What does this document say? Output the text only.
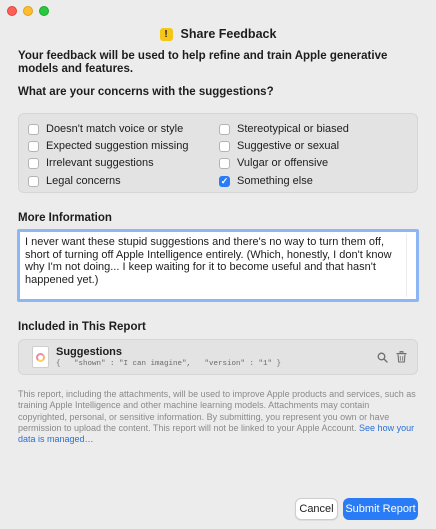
!	Share Feedback
Your feedback will be used to help refine and train Apple generative models and features.
What are your concerns with the suggestions?
Doesn't match voice or style
Expected suggestion missing
Irrelevant suggestions
Legal concerns
Stereotypical or biased
Suggestive or sexual
Vulgar or offensive
✓
Something else
More Information
I never want these stupid suggestions and there's no way to turn them off, short of turning off Apple Intelligence entirely. (Which, honestly, I don't know why I'm not doing... I keep waiting for it to become useful and that hasn't happened yet.)
Included in This Report
Suggestions
{   "shown" : "I can imagine",   "version" : "1" }
This report, including the attachments, will be used to improve Apple products and services, such as training Apple Intelligence and other machine learning models. Attachments may contain copyrighted, personal, or sensitive information. By submitting, you represent you own or have permission to upload the content. This report will not be linked to your Apple Account. See how your data is managed…
Cancel	Submit Report
